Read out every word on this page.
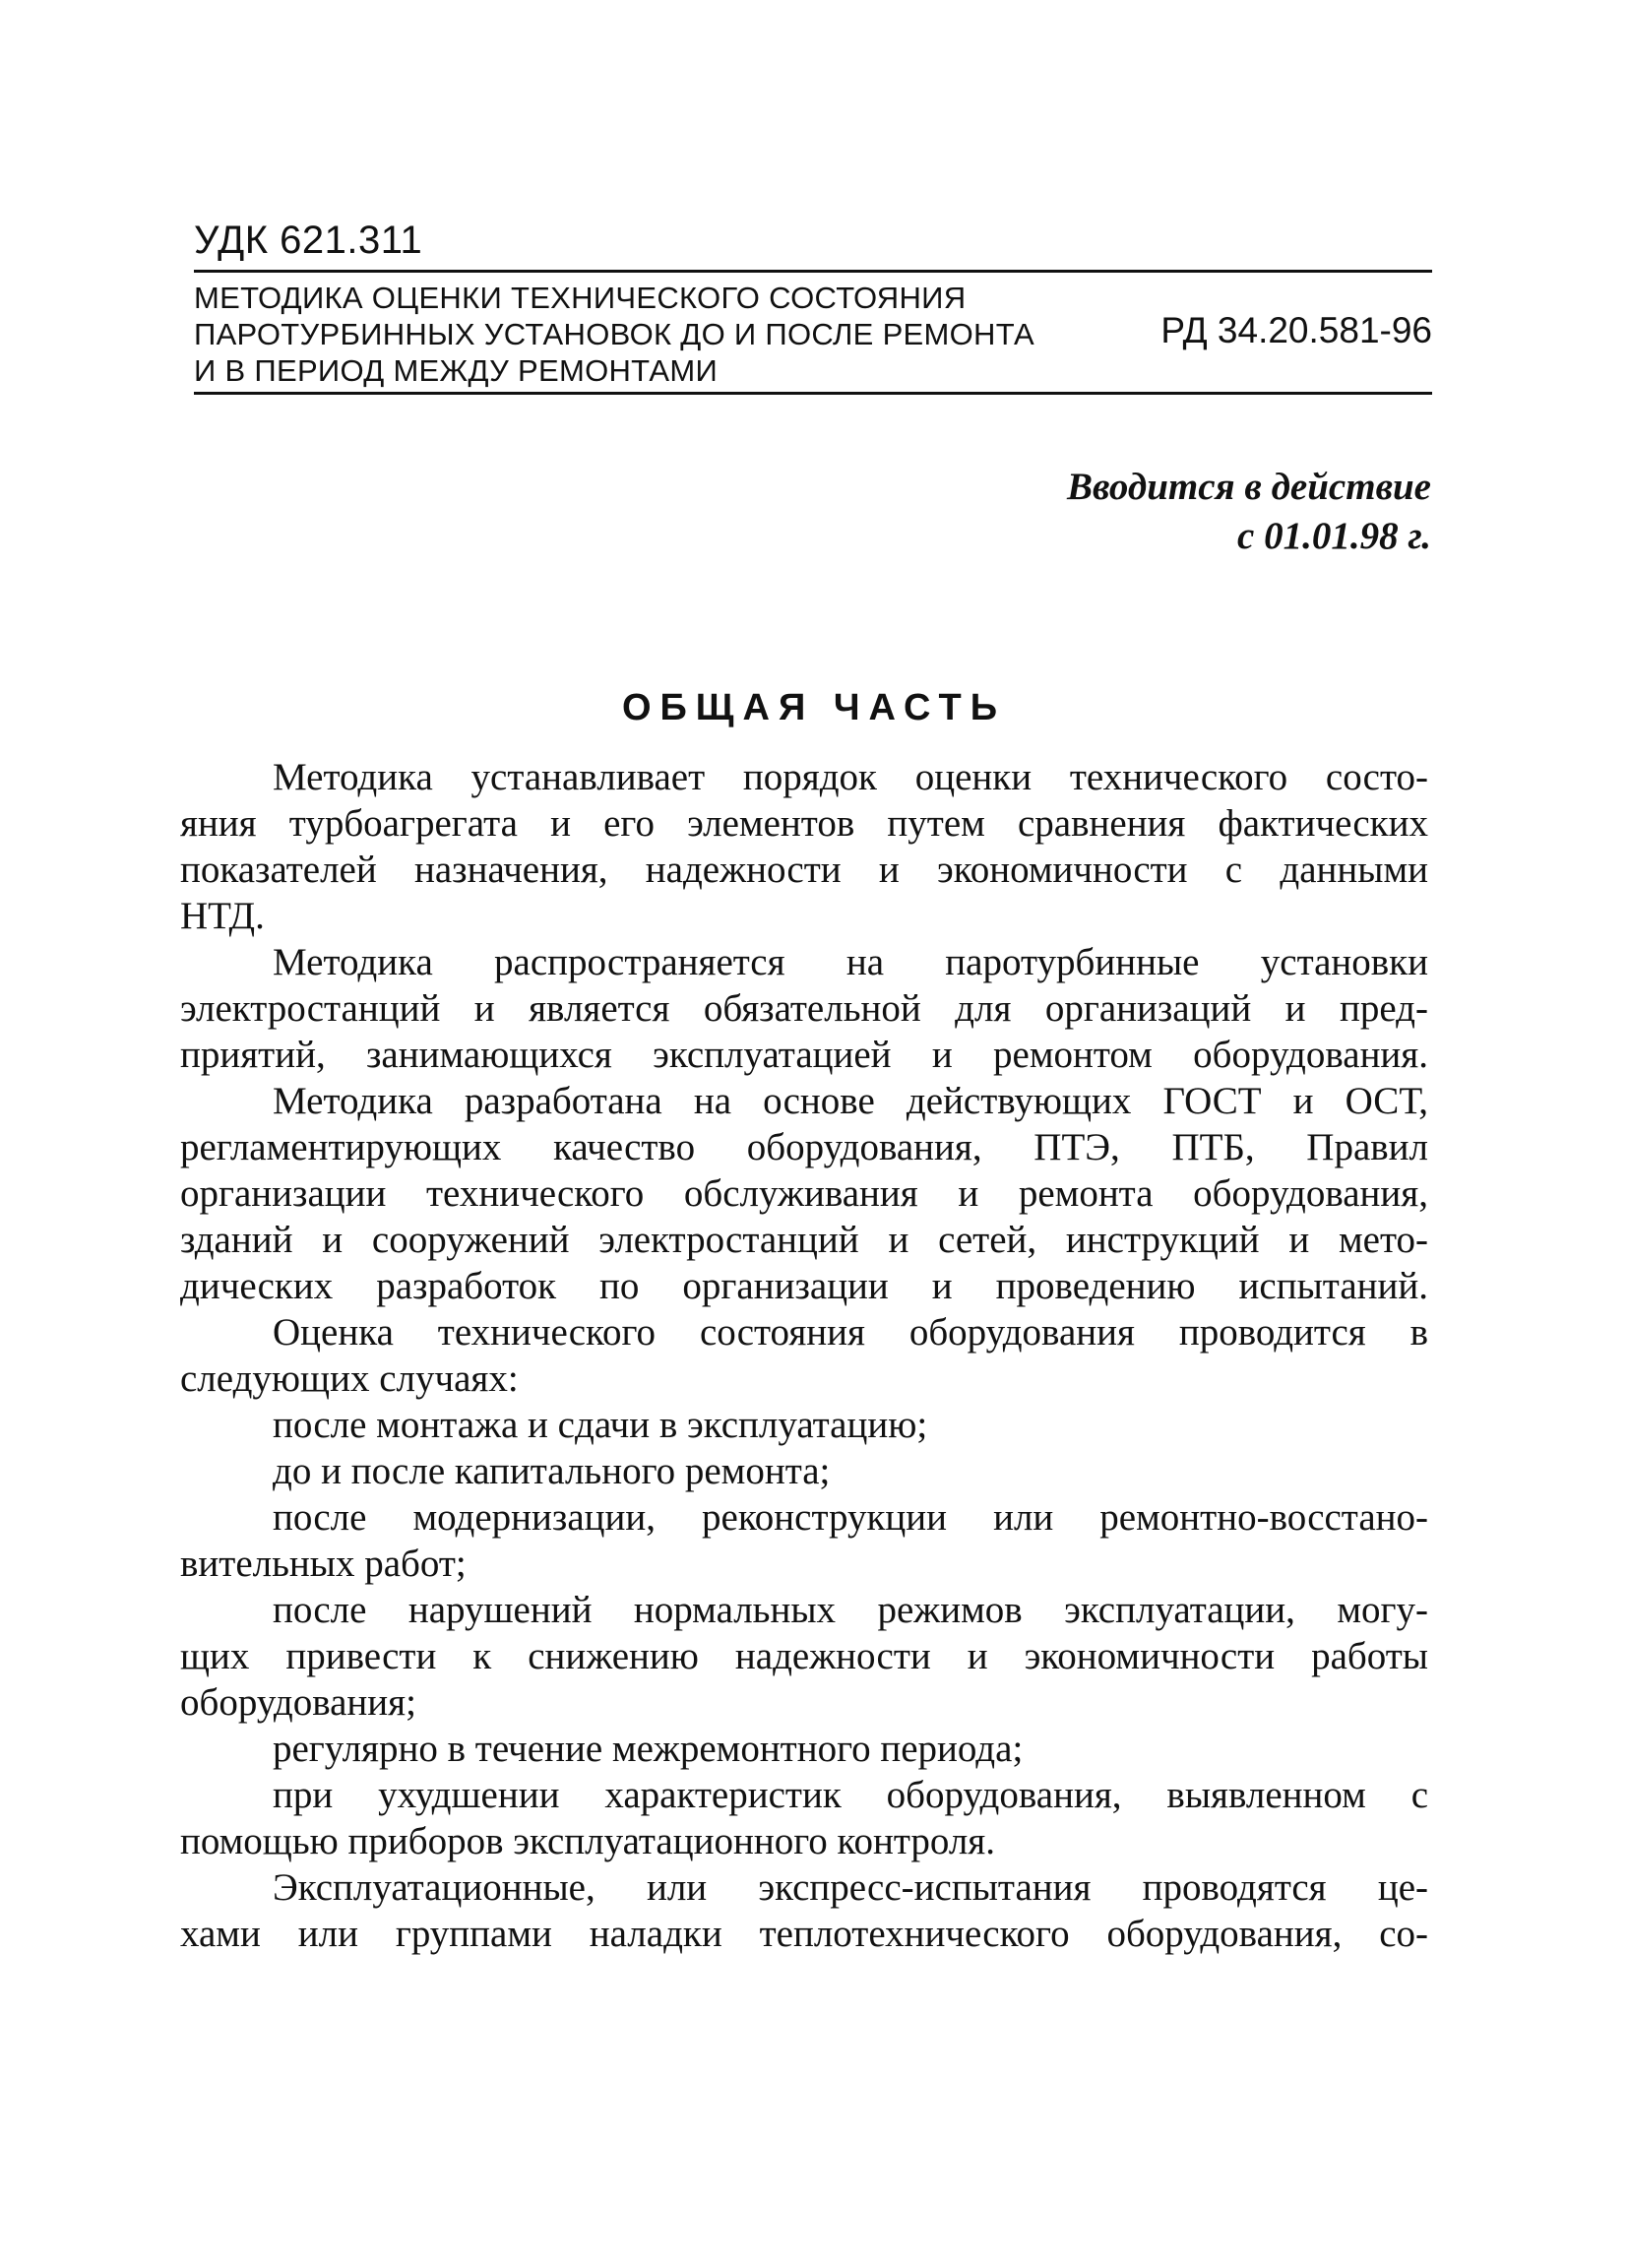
УДК 621.311
МЕТОДИКА ОЦЕНКИ ТЕХНИЧЕСКОГО СОСТОЯНИЯ
ПАРОТУРБИННЫХ УСТАНОВОК ДО И ПОСЛЕ РЕМОНТА
И В ПЕРИОД МЕЖДУ РЕМОНТАМИ
РД 34.20.581-96
Вводится в действие
с 01.01.98 г.
ОБЩАЯ ЧАСТЬ
Методика устанавливает порядок оценки технического состо-
яния турбоагрегата и его элементов путем сравнения фактических
показателей назначения, надежности и экономичности с данными
НТД.
Методика распространяется на паротурбинные установки
электростанций и является обязательной для организаций и пред-
приятий, занимающихся эксплуатацией и ремонтом оборудования.
Методика разработана на основе действующих ГОСТ и ОСТ,
регламентирующих качество оборудования, ПТЭ, ПТБ, Правил
организации технического обслуживания и ремонта оборудования,
зданий и сооружений электростанций и сетей, инструкций и мето-
дических разработок по организации и проведению испытаний.
Оценка технического состояния оборудования проводится в
следующих случаях:
после монтажа и сдачи в эксплуатацию;
до и после капитального ремонта;
после модернизации, реконструкции или ремонтно-восстано-
вительных работ;
после нарушений нормальных режимов эксплуатации, могу-
щих привести к снижению надежности и экономичности работы
оборудования;
регулярно в течение межремонтного периода;
при ухудшении характеристик оборудования, выявленном с
помощью приборов эксплуатационного контроля.
Эксплуатационные, или экспресс-испытания проводятся це-
хами или группами наладки теплотехнического оборудования, со-
